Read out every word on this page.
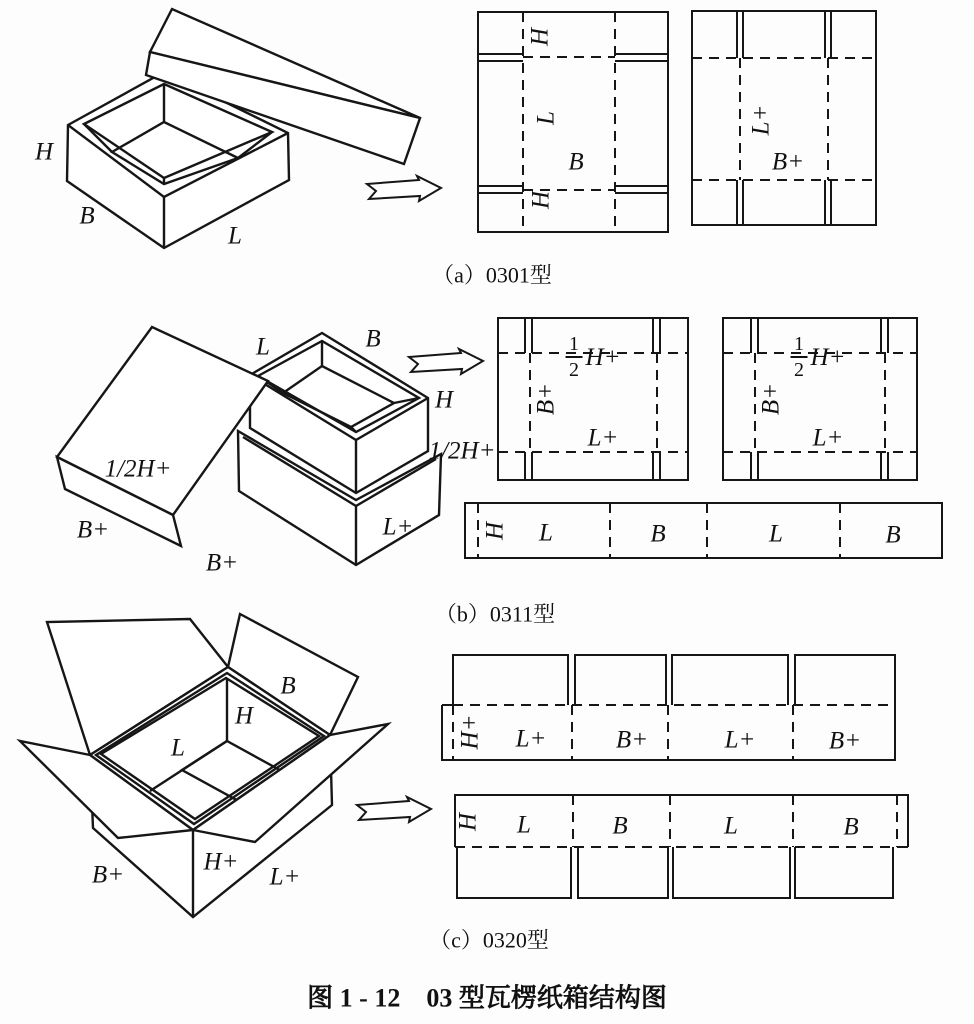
H
B
L
H
L
B
H
L+
B+
（a）0301型
L	B
H
1/2H+
1/2H+
B+
B+
L+
$\frac{1}{2} H+$
B+
L+
$\frac{1}{2} H+$
B+
L+
H L	B	L	B
（b）0311型
B
H
L
H+
B+	L+
H+ L+	B+	L+	B+
H L	B	L	B
（c）0320型
图 1 - 12　03 型瓦楞纸箱结构图
